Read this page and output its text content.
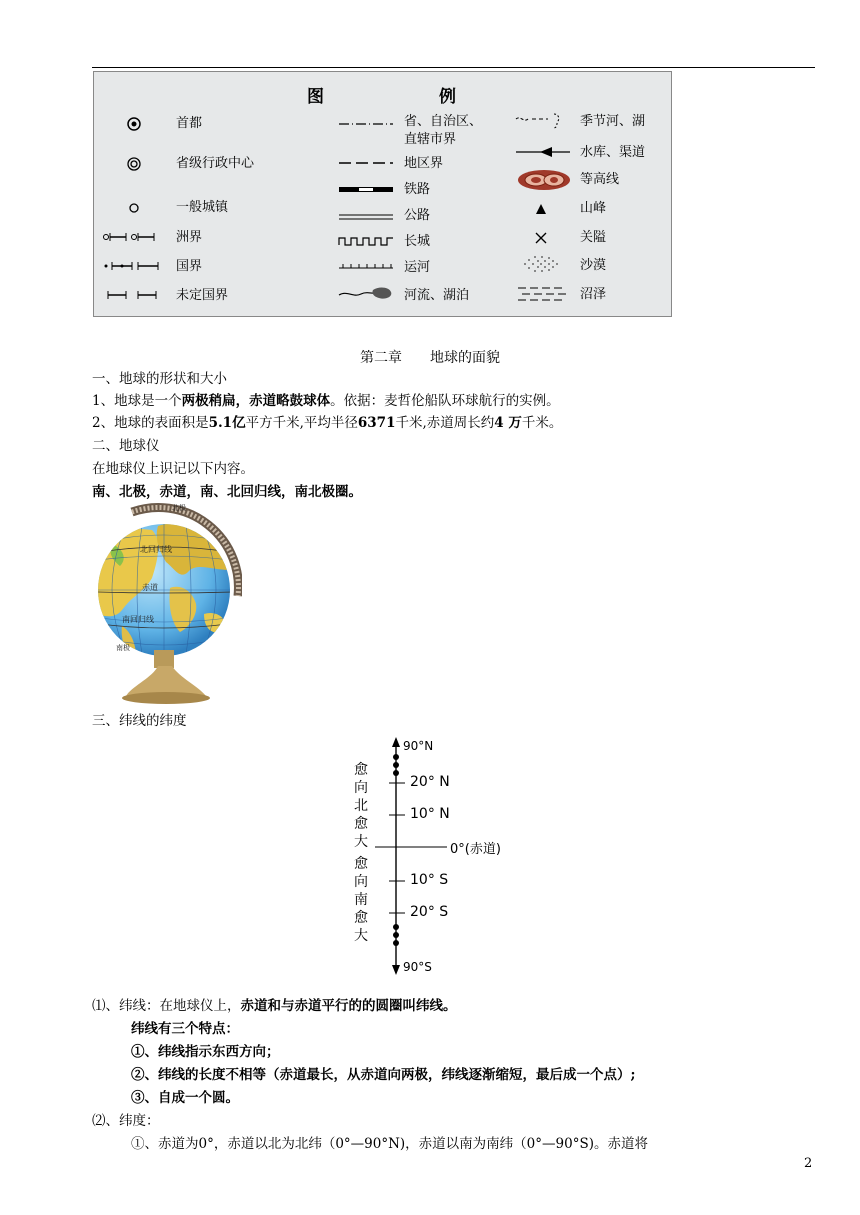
图	例
首都
省级行政中心
一般城镇
洲界
国界
未定国界
省、自治区、
直辖市界
地区界
铁路
公路
长城
运河
河流、湖泊
季节河、湖
水库、渠道
等高线
山峰
关隘
沙漠
沼泽
第二章　　地球的面貌
一、地球的形状和大小
1、地球是一个两极稍扁，赤道略鼓球体。依据：麦哲伦船队环球航行的实例。
2、地球的表面积是5.1亿平方千米,平均半径6371千米,赤道周长约4 万千米。
二、地球仪
在地球仪上识记以下内容。
南、北极，赤道，南、北回归线，南北极圈。
北极
北回归线
赤道
南回归线
南极
三、纬线的纬度
90°N
20° N
10° N
0°(赤道)
10° S
20° S
90°S
愈
向
北
愈
大
愈
向
南
愈
大
⑴、纬线：在地球仪上，赤道和与赤道平行的的圆圈叫纬线。
纬线有三个特点：
①、纬线指示东西方向；
②、纬线的长度不相等（赤道最长，从赤道向两极，纬线逐渐缩短，最后成一个点）;
③、自成一个圆。
⑵、纬度：
①、赤道为0°，赤道以北为北纬（0°—90°N)，赤道以南为南纬（0°—90°S)。赤道将
2
